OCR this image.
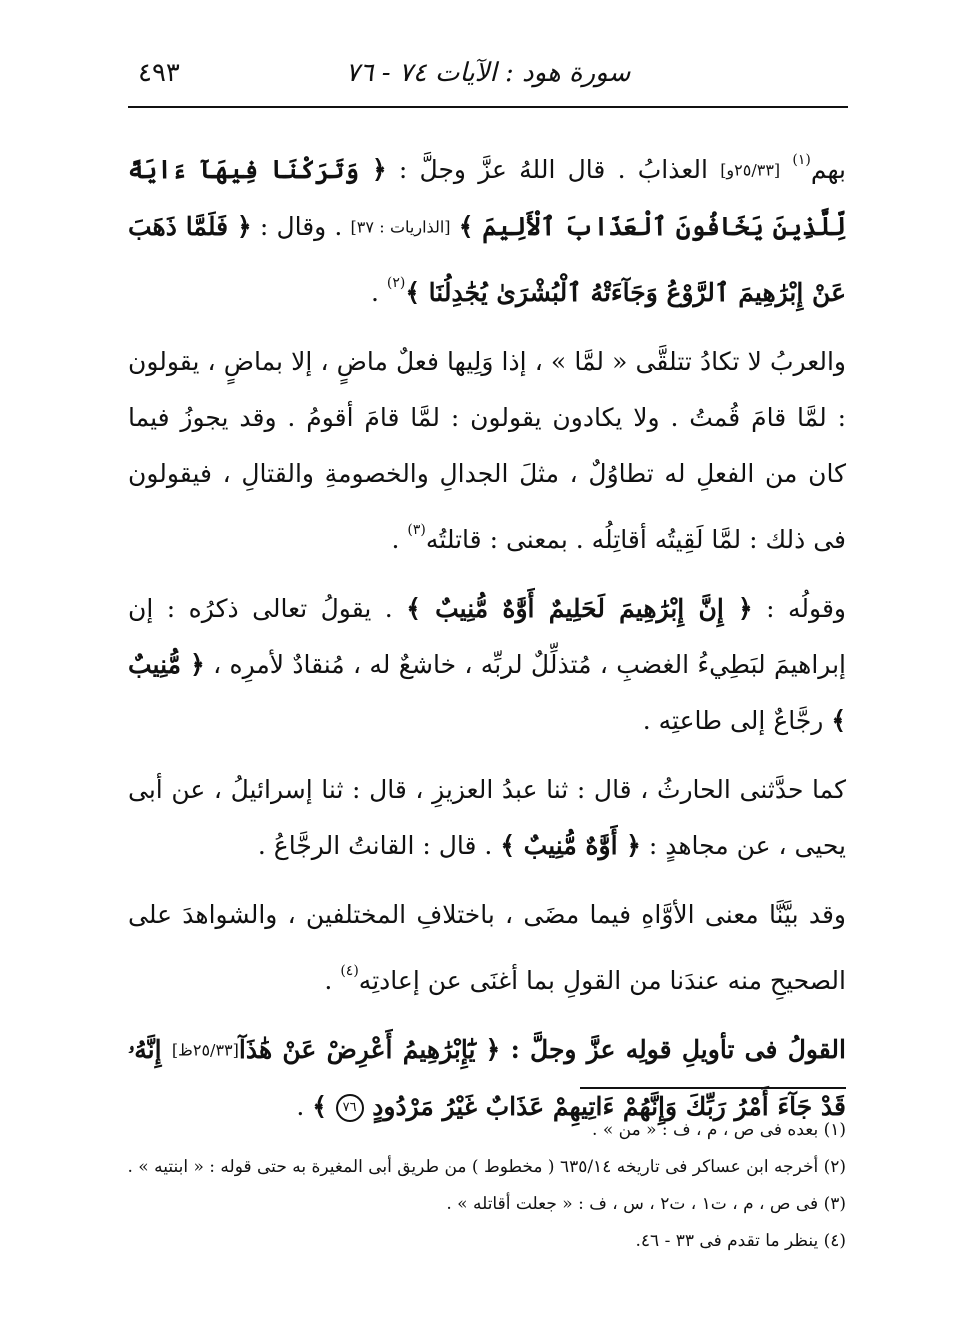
سورة هود : الآيات ٧٤ - ٧٦
٤٩٣

بهم$^{(١)}$ [٢٥/٣٣و] العذابُ . قال اللهُ عزَّ وجلَّ : ﴿ وَتَرَكْنَا فِيهَآ ءَايَةً لِّلَّذِينَ يَخَافُونَ ٱلْعَذَابَ ٱلْأَلِيمَ ﴾ [الذاريات : ٣٧] . وقال : ﴿ فَلَمَّا ذَهَبَ عَنْ إِبْرَٰهِيمَ ٱلرَّوْعُ وَجَآءَتْهُ ٱلْبُشْرَىٰ يُجَٰدِلُنَا ﴾$^{(٢)}$ .

والعربُ لا تكادُ تتلقَّى « لمَّا » ، إذا وَلِيها فعلٌ ماضٍ ، إلا بماضٍ ، يقولون : لمَّا قامَ قُمتُ . ولا يكادون يقولون : لمَّا قامَ أقومُ . وقد يجوزُ فيما كان من الفعلِ له تطاوُلٌ ، مثلَ الجدالِ والخصومةِ والقتالِ ، فيقولون فى ذلك : لمَّا لَقِيتُه أقاتِلُه . بمعنى : قاتلتُه$^{(٣)}$ .

وقولُه : ﴿ إِنَّ إِبْرَٰهِيمَ لَحَلِيمٌ أَوَّٰهٌ مُّنِيبٌ ﴾ . يقولُ تعالى ذكرُه : إن إبراهيمَ لبَطِيءُ الغضبِ ، مُتذلِّلٌ لربِّه ، خاشعٌ له ، مُنقادٌ لأمرِه ، ﴿ مُّنِيبٌ ﴾ رجَّاعٌ إلى طاعتِه .

كما حدَّثنى الحارثُ ، قال : ثنا عبدُ العزيزِ ، قال : ثنا إسرائيلُ ، عن أبى يحيى ، عن مجاهدٍ : ﴿ أَوَّٰهٌ مُّنِيبٌ ﴾ . قال : القانتُ الرجَّاعُ .

وقد بيَّنَّا معنى الأوَّاهِ فيما مضَى ، باختلافِ المختلفين ، والشواهدَ على الصحيحِ منه عندَنا من القولِ بما أغنَى عن إعادتِه$^{(٤)}$ .

القولُ فى تأويلِ قولِه عزَّ وجلَّ : ﴿ يَٰٓإِبْرَٰهِيمُ أَعْرِضْ عَنْ هَٰذَآ[٢٥/٣٣ظ] إِنَّهُۥ قَدْ جَآءَ أَمْرُ رَبِّكَ وَإِنَّهُمْ ءَاتِيهِمْ عَذَابٌ غَيْرُ مَرْدُودٍ ٧٦ ﴾ .

(١) بعده فى ص ، م ، ف : « من » .

(٢) أخرجه ابن عساكر فى تاريخه ٦٣٥/١٤ ( مخطوط ) من طريق أبى المغيرة به حتى قوله : « ابنتيه » .

(٣) فى ص ، م ، ت١ ، ت٢ ، س ، ف : « جعلت أقاتله » .

(٤) ينظر ما تقدم فى ٣٣ - ٤٦.
